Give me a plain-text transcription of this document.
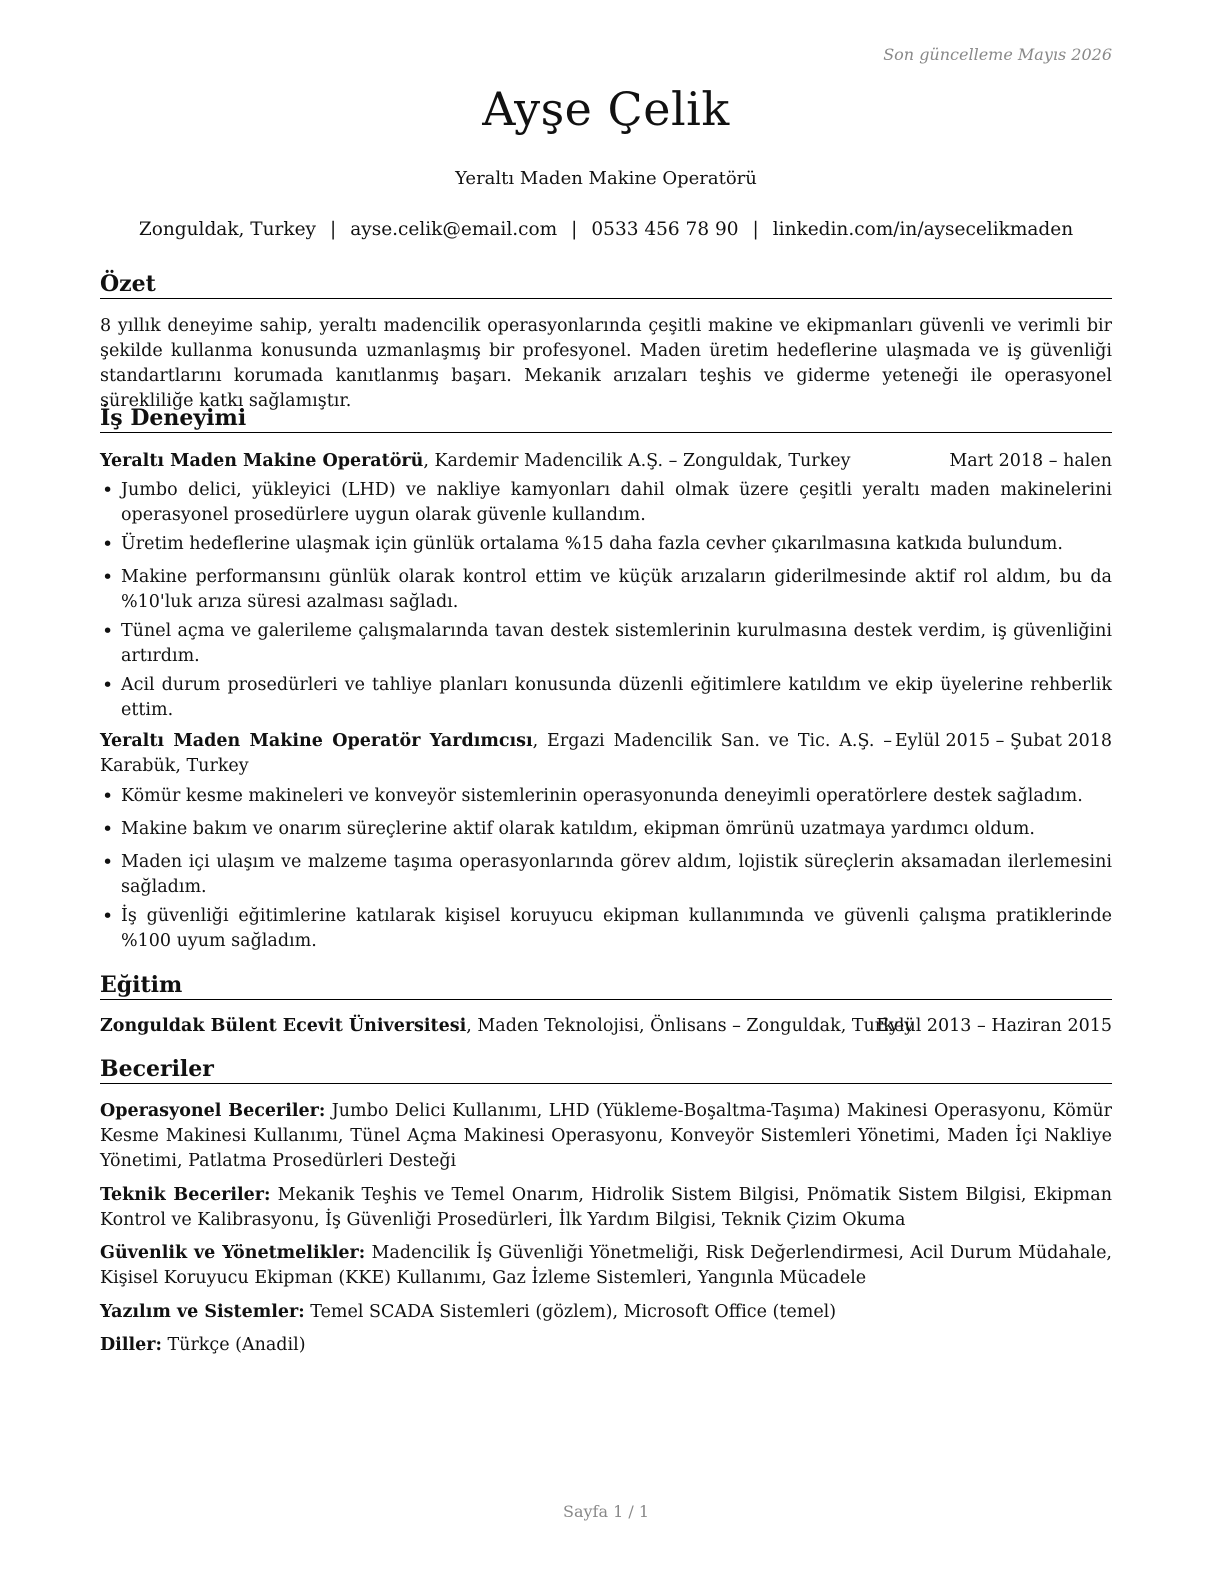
Son güncelleme Mayıs 2026
Ayşe Çelik
Yeraltı Maden Makine Operatörü
Zonguldak, Turkey | ayse.celik@email.com | 0533 456 78 90 | linkedin.com/in/aysecelikmaden
Özet
8 yıllık deneyime sahip, yeraltı madencilik operasyonlarında çeşitli makine ve ekipmanları güvenli ve verimli bir şekilde kullanma konusunda uzmanlaşmış bir profesyonel. Maden üretim hedeflerine ulaşmada ve iş güvenliği standartlarını korumada kanıtlanmış başarı. Mekanik arızaları teşhis ve giderme yeteneği ile operasyonel sürekliliğe katkı sağlamıştır.
İş Deneyimi
Yeraltı Maden Makine Operatörü, Kardemir Madencilik A.Ş. – Zonguldak, Turkey	Mart 2018 – halen
• Jumbo delici, yükleyici (LHD) ve nakliye kamyonları dahil olmak üzere çeşitli yeraltı maden makinelerini operasyonel prosedürlere uygun olarak güvenle kullandım.
• Üretim hedeflerine ulaşmak için günlük ortalama %15 daha fazla cevher çıkarılmasına katkıda bulundum.
• Makine performansını günlük olarak kontrol ettim ve küçük arızaların giderilmesinde aktif rol aldım, bu da %10'luk arıza süresi azalması sağladı.
• Tünel açma ve galerileme çalışmalarında tavan destek sistemlerinin kurulmasına destek verdim, iş güvenliğini artırdım.
• Acil durum prosedürleri ve tahliye planları konusunda düzenli eğitimlere katıldım ve ekip üyelerine rehberlik ettim.
Yeraltı Maden Makine Operatör Yardımcısı, Ergazi Madencilik San. ve Tic. A.Ş. – Karabük, Turkey
Eylül 2015 – Şubat 2018
• Kömür kesme makineleri ve konveyör sistemlerinin operasyonunda deneyimli operatörlere destek sağladım.
• Makine bakım ve onarım süreçlerine aktif olarak katıldım, ekipman ömrünü uzatmaya yardımcı oldum.
• Maden içi ulaşım ve malzeme taşıma operasyonlarında görev aldım, lojistik süreçlerin aksamadan ilerlemesini sağladım.
• İş güvenliği eğitimlerine katılarak kişisel koruyucu ekipman kullanımında ve güvenli çalışma pratiklerinde %100 uyum sağladım.
Eğitim
Zonguldak Bülent Ecevit Üniversitesi, Maden Teknolojisi, Önlisans – Zonguldak, Turkey
Eylül 2013 – Haziran 2015
Beceriler
Operasyonel Beceriler: Jumbo Delici Kullanımı, LHD (Yükleme-Boşaltma-Taşıma) Makinesi Operasyonu, Kömür Kesme Makinesi Kullanımı, Tünel Açma Makinesi Operasyonu, Konveyör Sistemleri Yönetimi, Maden İçi Nakliye Yönetimi, Patlatma Prosedürleri Desteği
Teknik Beceriler: Mekanik Teşhis ve Temel Onarım, Hidrolik Sistem Bilgisi, Pnömatik Sistem Bilgisi, Ekipman Kontrol ve Kalibrasyonu, İş Güvenliği Prosedürleri, İlk Yardım Bilgisi, Teknik Çizim Okuma
Güvenlik ve Yönetmelikler: Madencilik İş Güvenliği Yönetmeliği, Risk Değerlendirmesi, Acil Durum Müdahale, Kişisel Koruyucu Ekipman (KKE) Kullanımı, Gaz İzleme Sistemleri, Yangınla Mücadele
Yazılım ve Sistemler: Temel SCADA Sistemleri (gözlem), Microsoft Office (temel)
Diller: Türkçe (Anadil)
Sayfa 1 / 1
